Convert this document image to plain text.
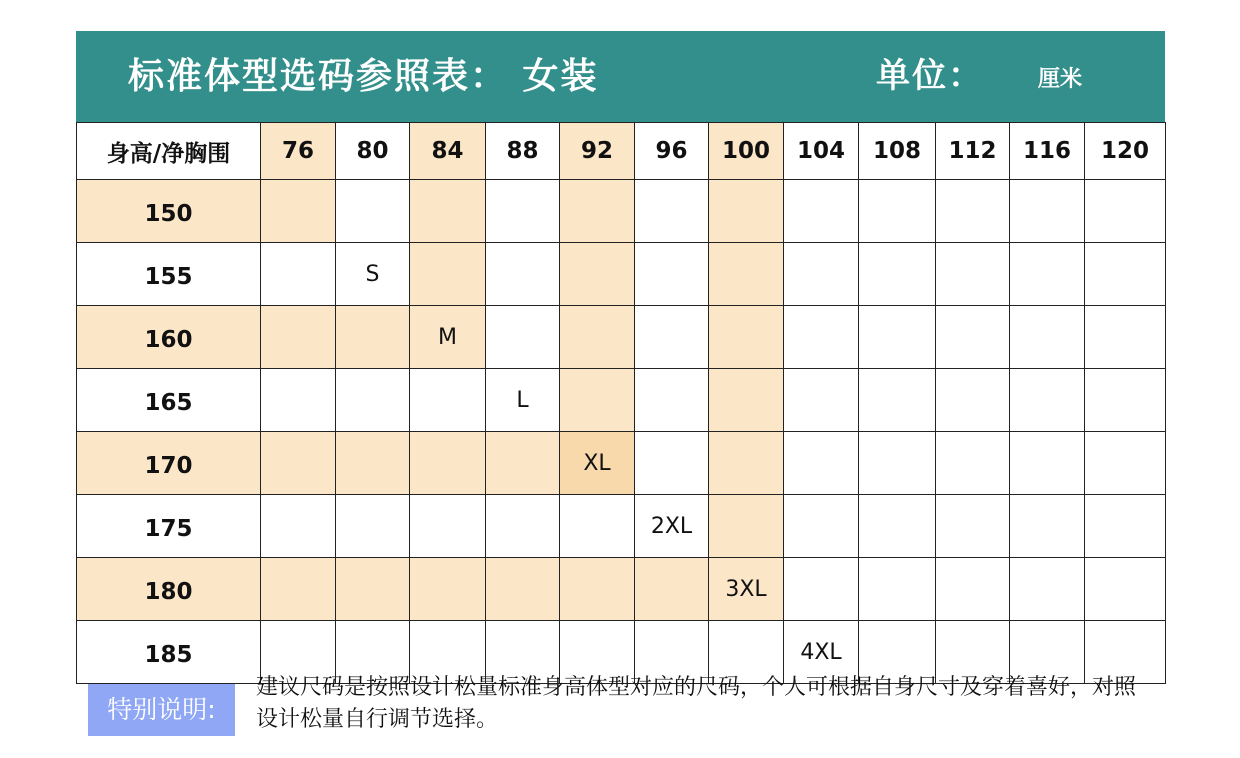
标准体型选码参照表： 女装	单位： 厘米
身高/净胸围	76	80	84	88	92	96	100	104	108	112	116	120
150												
155		S										
160			M									
165				L								
170					XL							
175						2XL						
180							3XL					
185								4XL				
特别说明:
建议尺码是按照设计松量标准身高体型对应的尺码，个人可根据自身尺寸及穿着喜好，对照设计松量自行调节选择。
